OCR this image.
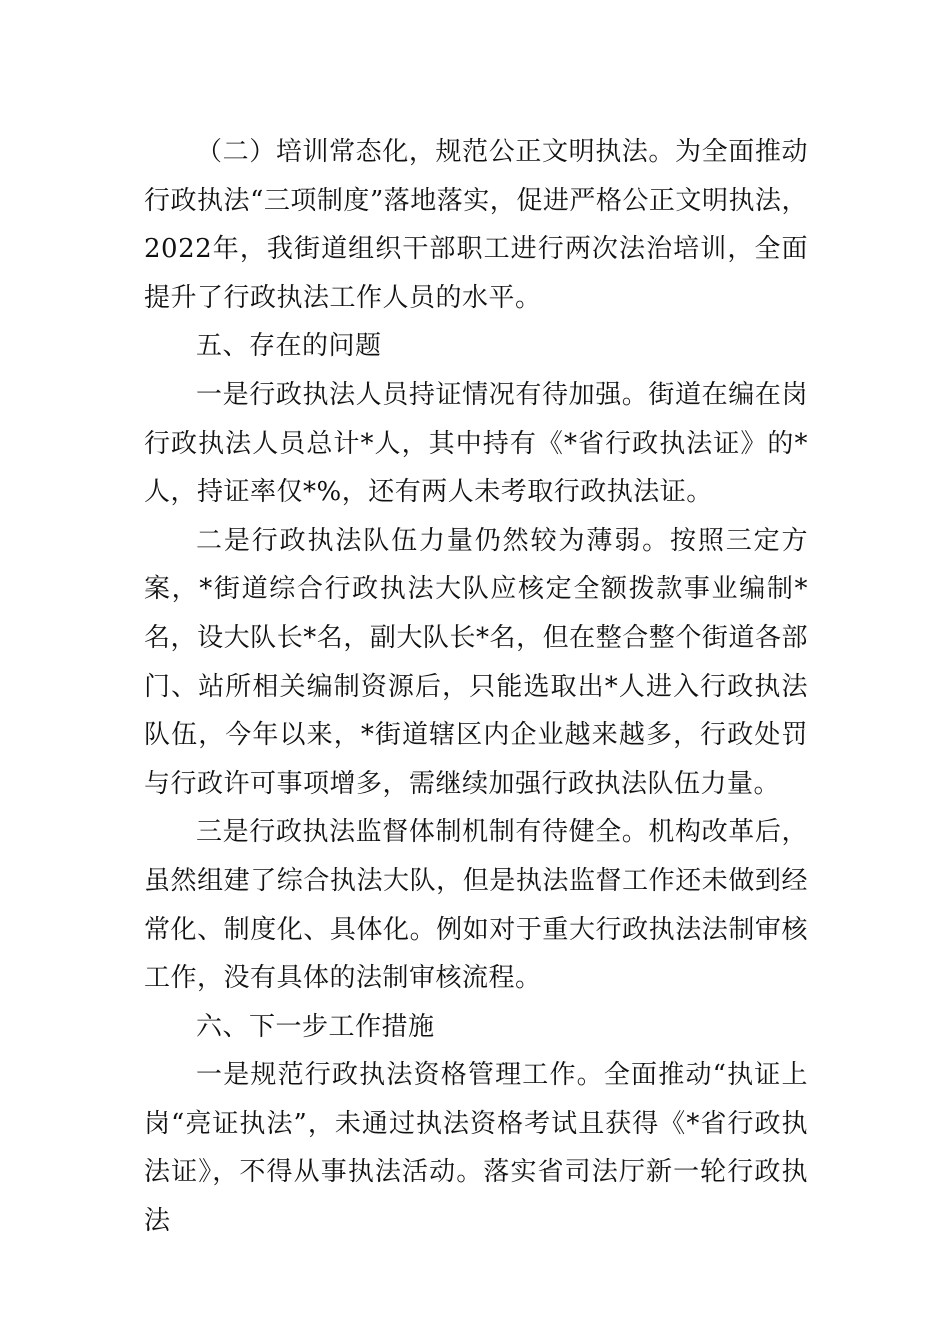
（二）培训常态化，规范公正文明执法。为全面推动行政执法“三项制度”落地落实，促进严格公正文明执法，2022年，我街道组织干部职工进行两次法治培训，全面提升了行政执法工作人员的水平。

五、存在的问题

一是行政执法人员持证情况有待加强。街道在编在岗行政执法人员总计*人，其中持有《*省行政执法证》的*人，持证率仅*%，还有两人未考取行政执法证。

二是行政执法队伍力量仍然较为薄弱。按照三定方案，*街道综合行政执法大队应核定全额拨款事业编制*名，设大队长*名，副大队长*名，但在整合整个街道各部门、站所相关编制资源后，只能选取出*人进入行政执法队伍，今年以来，*街道辖区内企业越来越多，行政处罚与行政许可事项增多，需继续加强行政执法队伍力量。

三是行政执法监督体制机制有待健全。机构改革后，虽然组建了综合执法大队，但是执法监督工作还未做到经常化、制度化、具体化。例如对于重大行政执法法制审核工作，没有具体的法制审核流程。

六、下一步工作措施

一是规范行政执法资格管理工作。全面推动“执证上岗“亮证执法”，未通过执法资格考试且获得《*省行政执法证》，不得从事执法活动。落实省司法厅新一轮行政执法
